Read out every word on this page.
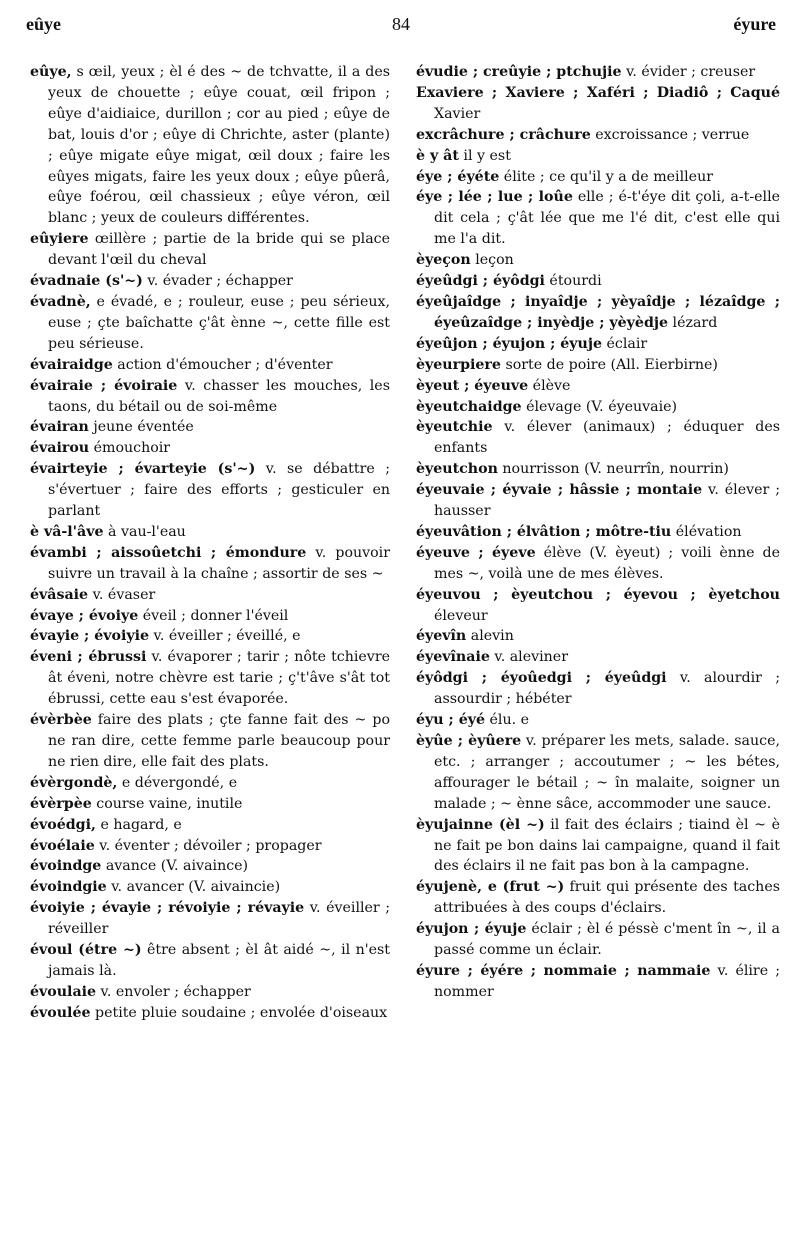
eûye	84	éyure
eûye, s œil, yeux ; èl é des ~ de tchvatte, il a des yeux de chouette ; eûye couat, œil fripon ; eûye d'aidiaice, durillon ; cor au pied ; eûye de bat, louis d'or ; eûye di Chrichte, aster (plante) ; eûye migate eûye migat, œil doux ; faire les eûyes migats, faire les yeux doux ; eûye pûerâ, eûye foérou, œil chassieux ; eûye véron, œil blanc ; yeux de couleurs différentes.
eûyiere œillère ; partie de la bride qui se place devant l'œil du cheval
évadnaie (s'~) v. évader ; échapper
évadnè, e évadé, e ; rouleur, euse ; peu sérieux, euse ; çte baîchatte ç'ât ènne ~, cette fille est peu sérieuse.
évairaidge action d'émoucher ; d'éventer
évairaie ; évoiraie v. chasser les mouches, les taons, du bétail ou de soi-même
évairan jeune éventée
évairou émouchoir
évairteyie ; évarteyie (s'~) v. se débattre ; s'évertuer ; faire des efforts ; gesticuler en parlant
è vâ-l'âve à vau-l'eau
évambi ; aissoûetchi ; émondure v. pouvoir suivre un travail à la chaîne ; assortir de ses ~
évâsaie v. évaser
évaye ; évoiye éveil ; donner l'éveil
évayie ; évoiyie v. éveiller ; éveillé, e
éveni ; ébrussi v. évaporer ; tarir ; nôte tchievre ât éveni, notre chèvre est tarie ; ç't'âve s'ât tot ébrussi, cette eau s'est évaporée.
évèrbèe faire des plats ; çte fanne fait des ~ po ne ran dire, cette femme parle beaucoup pour ne rien dire, elle fait des plats.
évèrgondè, e dévergondé, e
évèrpèe course vaine, inutile
évoédgi, e hagard, e
évoélaie v. éventer ; dévoiler ; propager
évoindge avance (V. aivaince)
évoindgie v. avancer (V. aivaincie)
évoiyie ; évayie ; révoiyie ; révayie v. éveiller ; réveiller
évoul (étre ~) être absent ; èl ât aidé ~, il n'est jamais là.
évoulaie v. envoler ; échapper
évoulée petite pluie soudaine ; envolée d'oiseaux
évudie ; creûyie ; ptchujie v. évider ; creuser
Exaviere ; Xaviere ; Xaféri ; Diadiô ; Caqué Xavier
excrâchure ; crâchure excroissance ; verrue
è y ât il y est
éye ; éyéte élite ; ce qu'il y a de meilleur
éye ; lée ; lue ; loûe elle ; é-t'éye dit çoli, a-t-elle dit cela ; ç'ât lée que me l'é dit, c'est elle qui me l'a dit.
èyeçon leçon
éyeûdgi ; éyôdgi étourdi
éyeûjaîdge ; inyaîdje ; yèyaîdje ; lézaîdge ; éyeûzaîdge ; inyèdje ; yèyèdje lézard
éyeûjon ; éyujon ; éyuje éclair
èyeurpiere sorte de poire (All. Eierbirne)
èyeut ; éyeuve élève
èyeutchaidge élevage (V. éyeuvaie)
èyeutchie v. élever (animaux) ; éduquer des enfants
èyeutchon nourrisson (V. neurrîn, nourrin)
éyeuvaie ; éyvaie ; hâssie ; montaie v. élever ; hausser
éyeuvâtion ; élvâtion ; môtre-tiu élévation
éyeuve ; éyeve élève (V. èyeut) ; voili ènne de mes ~, voilà une de mes élèves.
éyeuvou ; èyeutchou ; éyevou ; èyetchou éleveur
éyevîn alevin
éyevînaie v. aleviner
éyôdgi ; éyoûedgi ; éyeûdgi v. alourdir ; assourdir ; hébéter
éyu ; éyé élu. e
èyûe ; èyûere v. préparer les mets, salade. sauce, etc. ; arranger ; accoutumer ; ~ les bétes, affourager le bétail ; ~ în malaite, soigner un malade ; ~ ènne sâce, accommoder une sauce.
èyujainne (èl ~) il fait des éclairs ; tiaind èl ~ è ne fait pe bon dains lai campaigne, quand il fait des éclairs il ne fait pas bon à la campagne.
éyujenè, e (frut ~) fruit qui présente des taches attribuées à des coups d'éclairs.
éyujon ; éyuje éclair ; èl é péssè c'ment în ~, il a passé comme un éclair.
éyure ; éyére ; nommaie ; nammaie v. élire ; nommer
